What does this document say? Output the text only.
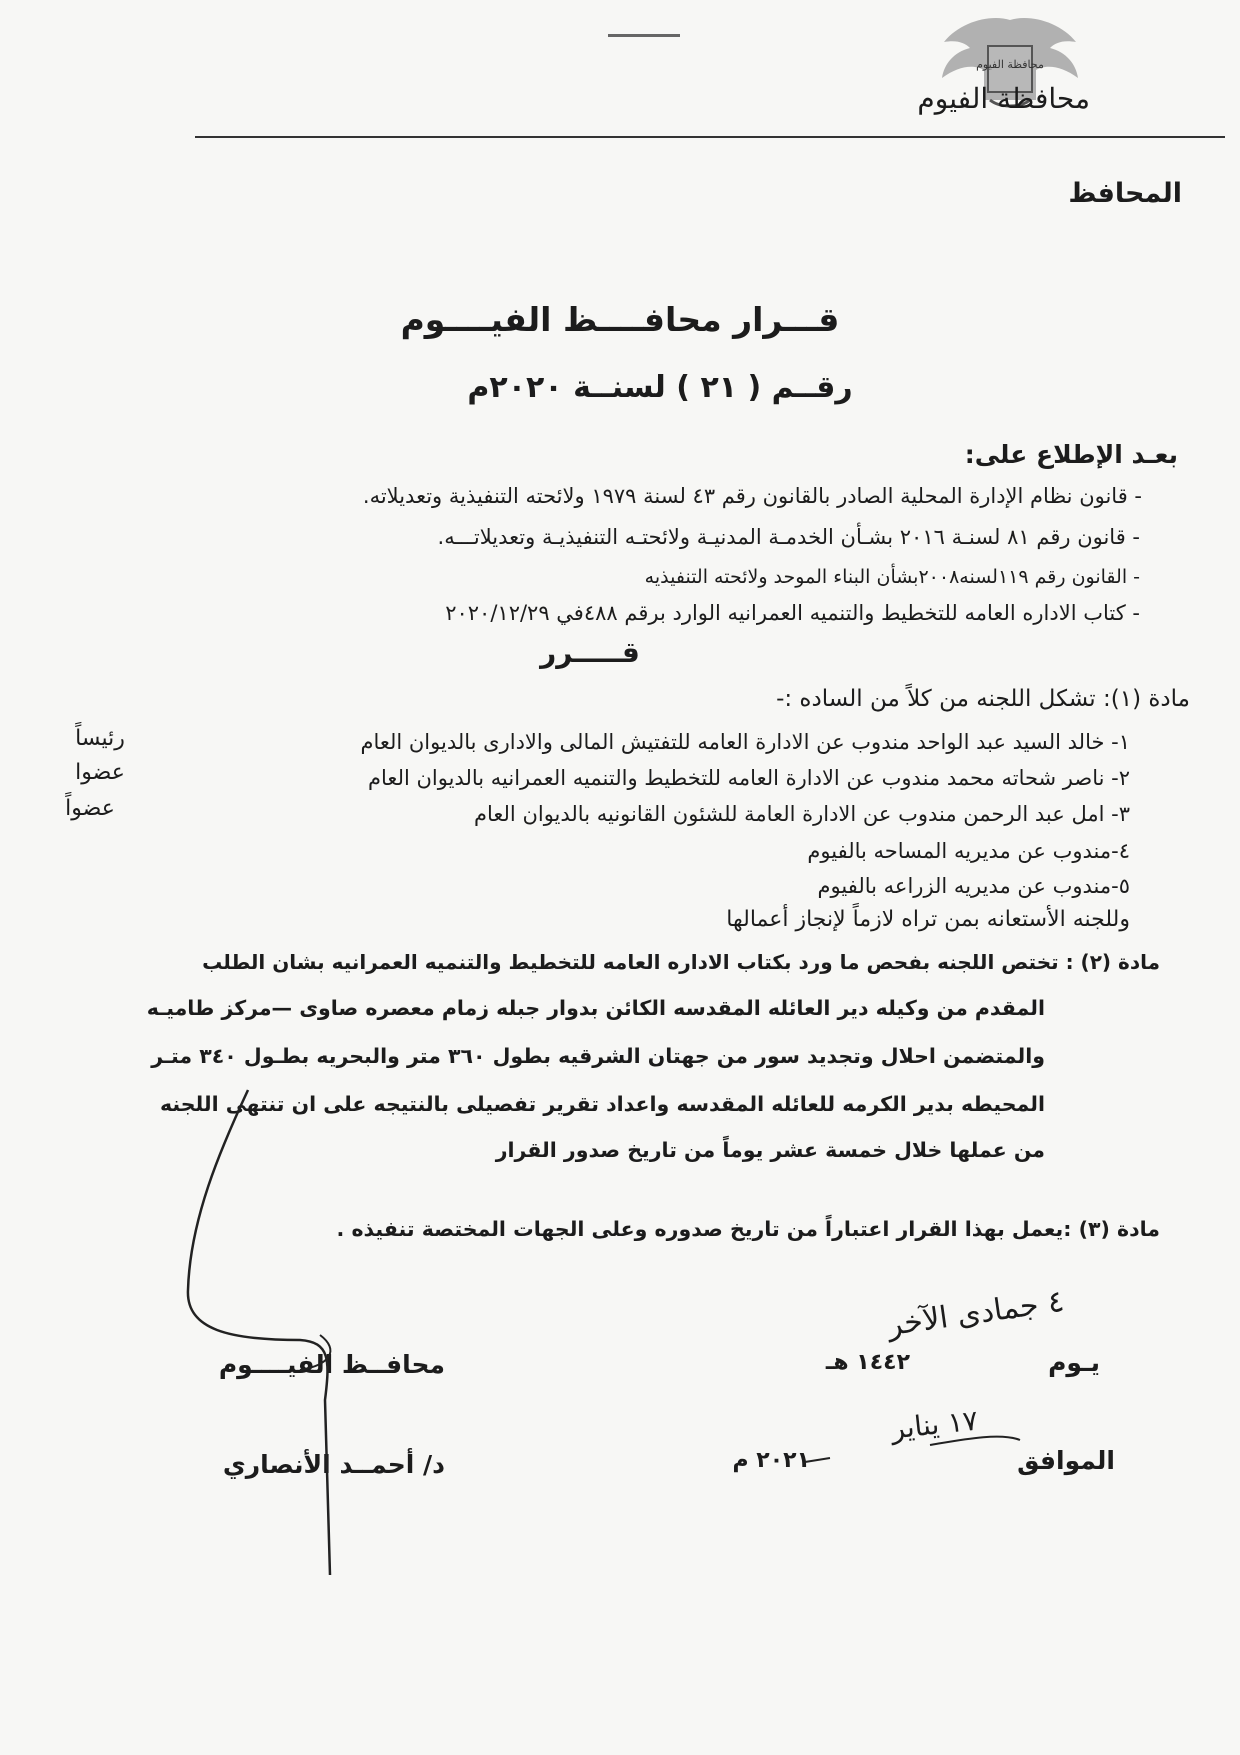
محافظة الفيوم
محافظة الفيوم
المحافظ
قـــرار محافــــظ الفيــــوم
رقــم ( ٢١ ) لسنــة ٢٠٢٠م
بعـد الإطلاع على:
- قانون نظام الإدارة المحلية الصادر بالقانون رقم ٤٣ لسنة ١٩٧٩ ولائحته التنفيذية وتعديلاته.
- قانون رقم ٨١ لسنـة ٢٠١٦ بشـأن الخدمـة المدنيـة ولائحتـه التنفيذيـة وتعديلاتـــه.
- القانون رقم ١١٩لسنه٢٠٠٨بشأن البناء الموحد ولائحته التنفيذيه
- كتاب الاداره العامه للتخطيط والتنميه العمرانيه الوارد برقم ٤٨٨في ٢٠٢٠/١٢/٢٩
قـــــرر
مادة (١): تشكل اللجنه من كلاً من الساده :-
١- خالد السيد عبد الواحد مندوب عن الادارة العامه للتفتيش المالى والادارى بالديوان العام
رئيساً
٢- ناصر شحاته محمد مندوب عن الادارة العامه للتخطيط والتنميه العمرانيه بالديوان العام
عضوا
٣- امل عبد الرحمن مندوب عن الادارة العامة للشئون القانونيه بالديوان العام
عضواً
٤-مندوب عن مديريه المساحه بالفيوم
٥-مندوب عن مديريه الزراعه بالفيوم
وللجنه الأستعانه بمن تراه لازماً لإنجاز أعمالها
مادة (٢) : تختص اللجنه بفحص ما ورد بكتاب الاداره العامه للتخطيط والتنميه العمرانيه بشان الطلب
المقدم من وكيله دير العائله المقدسه الكائن بدوار جبله زمام معصره صاوى —مركز طاميـه
والمتضمن احلال وتجديد سور من جهتان الشرقيه بطول ٣٦٠ متر والبحريه بطـول ٣٤٠ متـر
المحيطه بدير الكرمه للعائله المقدسه واعداد تقرير تفصيلى بالنتيجه على ان تنتهى اللجنه
من عملها خلال خمسة عشر يوماً من تاريخ صدور القرار
مادة (٣) :يعمل بهذا القرار اعتباراً من تاريخ صدوره وعلى الجهات المختصة تنفيذه .
يـوم
١٤٤٢ هـ
٤ جمادى الآخر
الموافق
٢٠٢١ م
١٧ يناير
محافــظ الفيــــوم
د/ أحمــد الأنصاري
